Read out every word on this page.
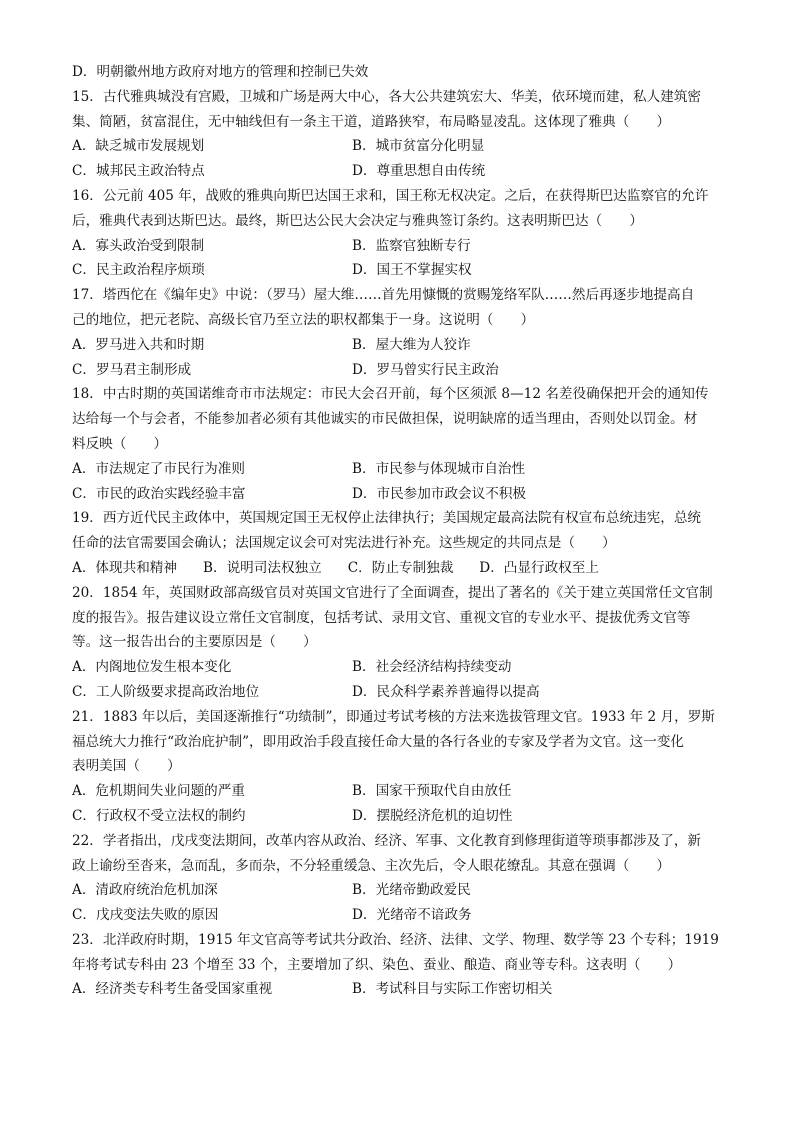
D．明朝徽州地方政府对地方的管理和控制已失效
15．古代雅典城没有宫殿，卫城和广场是两大中心，各大公共建筑宏大、华美，依环境而建，私人建筑密
集、简陋，贫富混住，无中轴线但有一条主干道，道路狭窄，布局略显凌乱。这体现了雅典（　　）
A．缺乏城市发展规划	B．城市贫富分化明显
C．城邦民主政治特点	D．尊重思想自由传统
16．公元前 405 年，战败的雅典向斯巴达国王求和，国王称无权决定。之后，在获得斯巴达监察官的允许
后，雅典代表到达斯巴达。最终，斯巴达公民大会决定与雅典签订条约。这表明斯巴达（　　）
A．寡头政治受到限制	B．监察官独断专行
C．民主政治程序烦琐	D．国王不掌握实权
17．塔西佗在《编年史》中说：（罗马）屋大维……首先用慷慨的赏赐笼络军队……然后再逐步地提高自
己的地位，把元老院、高级长官乃至立法的职权都集于一身。这说明（　　）
A．罗马进入共和时期	B．屋大维为人狡诈
C．罗马君主制形成	D．罗马曾实行民主政治
18．中古时期的英国诺维奇市市法规定：市民大会召开前，每个区须派 8—12 名差役确保把开会的通知传
达给每一个与会者，不能参加者必须有其他诚实的市民做担保，说明缺席的适当理由，否则处以罚金。材
料反映（　　）
A．市法规定了市民行为准则	B．市民参与体现城市自治性
C．市民的政治实践经验丰富	D．市民参加市政会议不积极
19．西方近代民主政体中，英国规定国王无权停止法律执行；美国规定最高法院有权宣布总统违宪，总统
任命的法官需要国会确认；法国规定议会可对宪法进行补充。这些规定的共同点是（　　）
A．体现共和精神 B．说明司法权独立 C．防止专制独裁 D．凸显行政权至上
20．1854 年，英国财政部高级官员对英国文官进行了全面调查，提出了著名的《关于建立英国常任文官制
度的报告》。报告建议设立常任文官制度，包括考试、录用文官、重视文官的专业水平、提拔优秀文官等
等。这一报告出台的主要原因是（　　）
A．内阁地位发生根本变化	B．社会经济结构持续变动
C．工人阶级要求提高政治地位	D．民众科学素养普遍得以提高
21．1883 年以后，美国逐渐推行“功绩制”，即通过考试考核的方法来选拔管理文官。1933 年 2 月，罗斯
福总统大力推行“政治庇护制”，即用政治手段直接任命大量的各行各业的专家及学者为文官。这一变化
表明美国（　　）
A．危机期间失业问题的严重	B．国家干预取代自由放任
C．行政权不受立法权的制约	D．摆脱经济危机的迫切性
22．学者指出，戊戌变法期间，改革内容从政治、经济、军事、文化教育到修理街道等琐事都涉及了，新
政上谕纷至沓来，急而乱，多而杂，不分轻重缓急、主次先后，令人眼花缭乱。其意在强调（　　）
A．清政府统治危机加深	B．光绪帝勤政爱民
C．戊戌变法失败的原因	D．光绪帝不谙政务
23．北洋政府时期，1915 年文官高等考试共分政治、经济、法律、文学、物理、数学等 23 个专科；1919
年将考试专科由 23 个增至 33 个，主要增加了织、染色、蚕业、酿造、商业等专科。这表明（　　）
A．经济类专科考生备受国家重视	B．考试科目与实际工作密切相关
